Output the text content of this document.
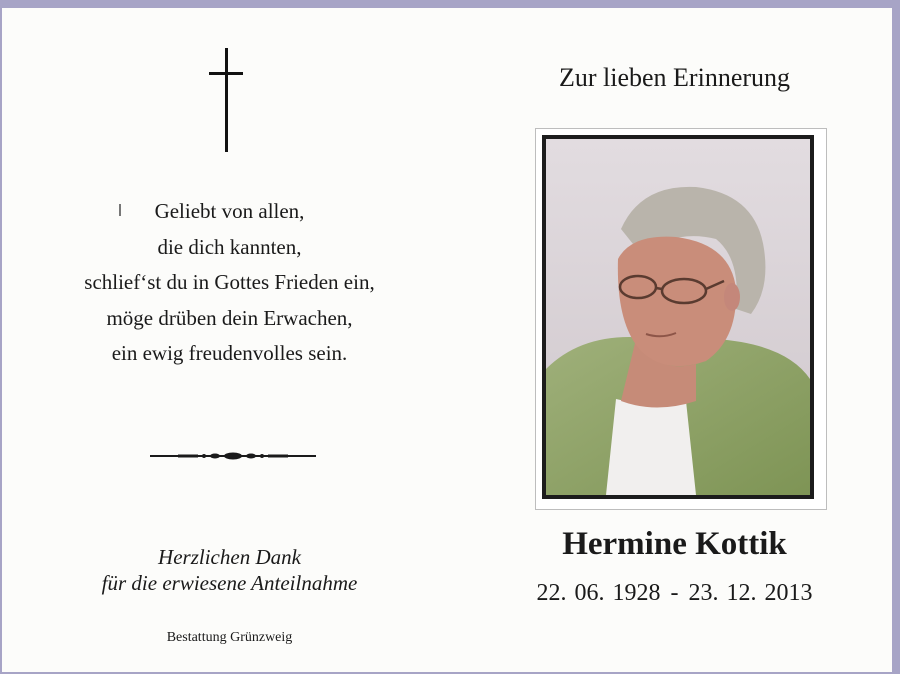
Geliebt von allen,
die dich kannten,
schlief‘st du in Gottes Frieden ein,
möge drüben dein Erwachen,
ein ewig freudenvolles sein.
Herzlichen Dank
für die erwiesene Anteilnahme
Bestattung Grünzweig
Zur lieben Erinnerung
Hermine Kottik
22. 06. 1928 - 23. 12. 2013
